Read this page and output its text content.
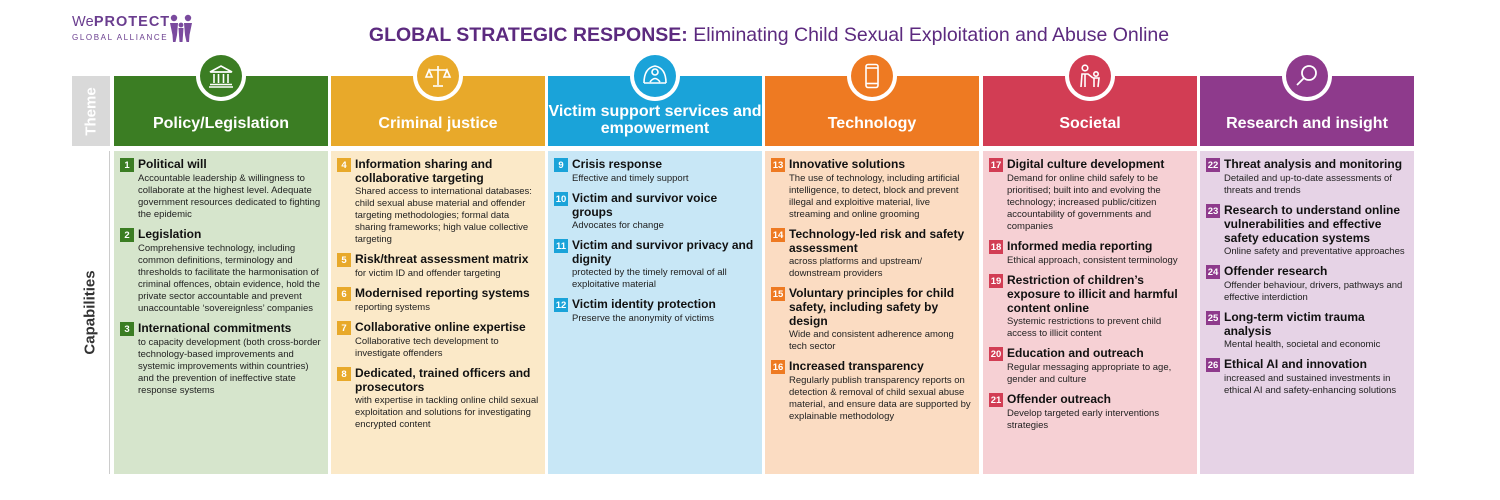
WePROTECT
GLOBAL ALLIANCE	GLOBAL STRATEGIC RESPONSE: Eliminating Child Sexual Exploitation and Abuse Online
Theme
Capabilities
Policy/Legislation
1 Political will
Accountable leadership & willingness to collaborate at the highest level. Adequate government resources dedicated to fighting the epidemic
2 Legislation
Comprehensive technology, including common definitions, terminology and thresholds to facilitate the harmonisation of criminal offences, obtain evidence, hold the private sector accountable and prevent unaccountable ‘sovereignless’ companies
3 International commitments
to capacity development (both cross-border technology-based improvements and systemic improvements within countries) and the prevention of ineffective state response systems
Criminal justice
4 Information sharing and collaborative targeting
Shared access to international databases: child sexual abuse material and offender targeting methodologies; formal data sharing frameworks; high value collective targeting
5 Risk/threat assessment matrix
for victim ID and offender targeting
6 Modernised reporting systems
reporting systems
7 Collaborative online expertise
Collaborative tech development to investigate offenders
8 Dedicated, trained officers and prosecutors
with expertise in tackling online child sexual exploitation and solutions for investigating encrypted content
Victim support services and empowerment
9 Crisis response
Effective and timely support
10 Victim and survivor voice groups
Advocates for change
11 Victim and survivor privacy and dignity
protected by the timely removal of all exploitative material
12 Victim identity protection
Preserve the anonymity of victims
Technology
13 Innovative solutions
The use of technology, including artificial intelligence, to detect, block and prevent illegal and exploitive material, live streaming and online grooming
14 Technology-led risk and safety assessment
across platforms and upstream/ downstream providers
15 Voluntary principles for child safety, including safety by design
Wide and consistent adherence among tech sector
16 Increased transparency
Regularly publish transparency reports on detection & removal of child sexual abuse material, and ensure data are supported by explainable methodology
Societal
17 Digital culture development
Demand for online child safely to be prioritised; built into and evolving the technology; increased public/citizen accountability of governments and companies
18 Informed media reporting
Ethical approach, consistent terminology
19 Restriction of children’s exposure to illicit and harmful content online
Systemic restrictions to prevent child access to illicit content
20 Education and outreach
Regular messaging appropriate to age, gender and culture
21 Offender outreach
Develop targeted early interventions strategies
Research and insight
22 Threat analysis and monitoring
Detailed and up-to-date assessments of threats and trends
23 Research to understand online vulnerabilities and effective safety education systems
Online safety and preventative approaches
24 Offender research
Offender behaviour, drivers, pathways and effective interdiction
25 Long-term victim trauma analysis
Mental health, societal and economic
26 Ethical AI and innovation
increased and sustained investments in ethical AI and safety-enhancing solutions
